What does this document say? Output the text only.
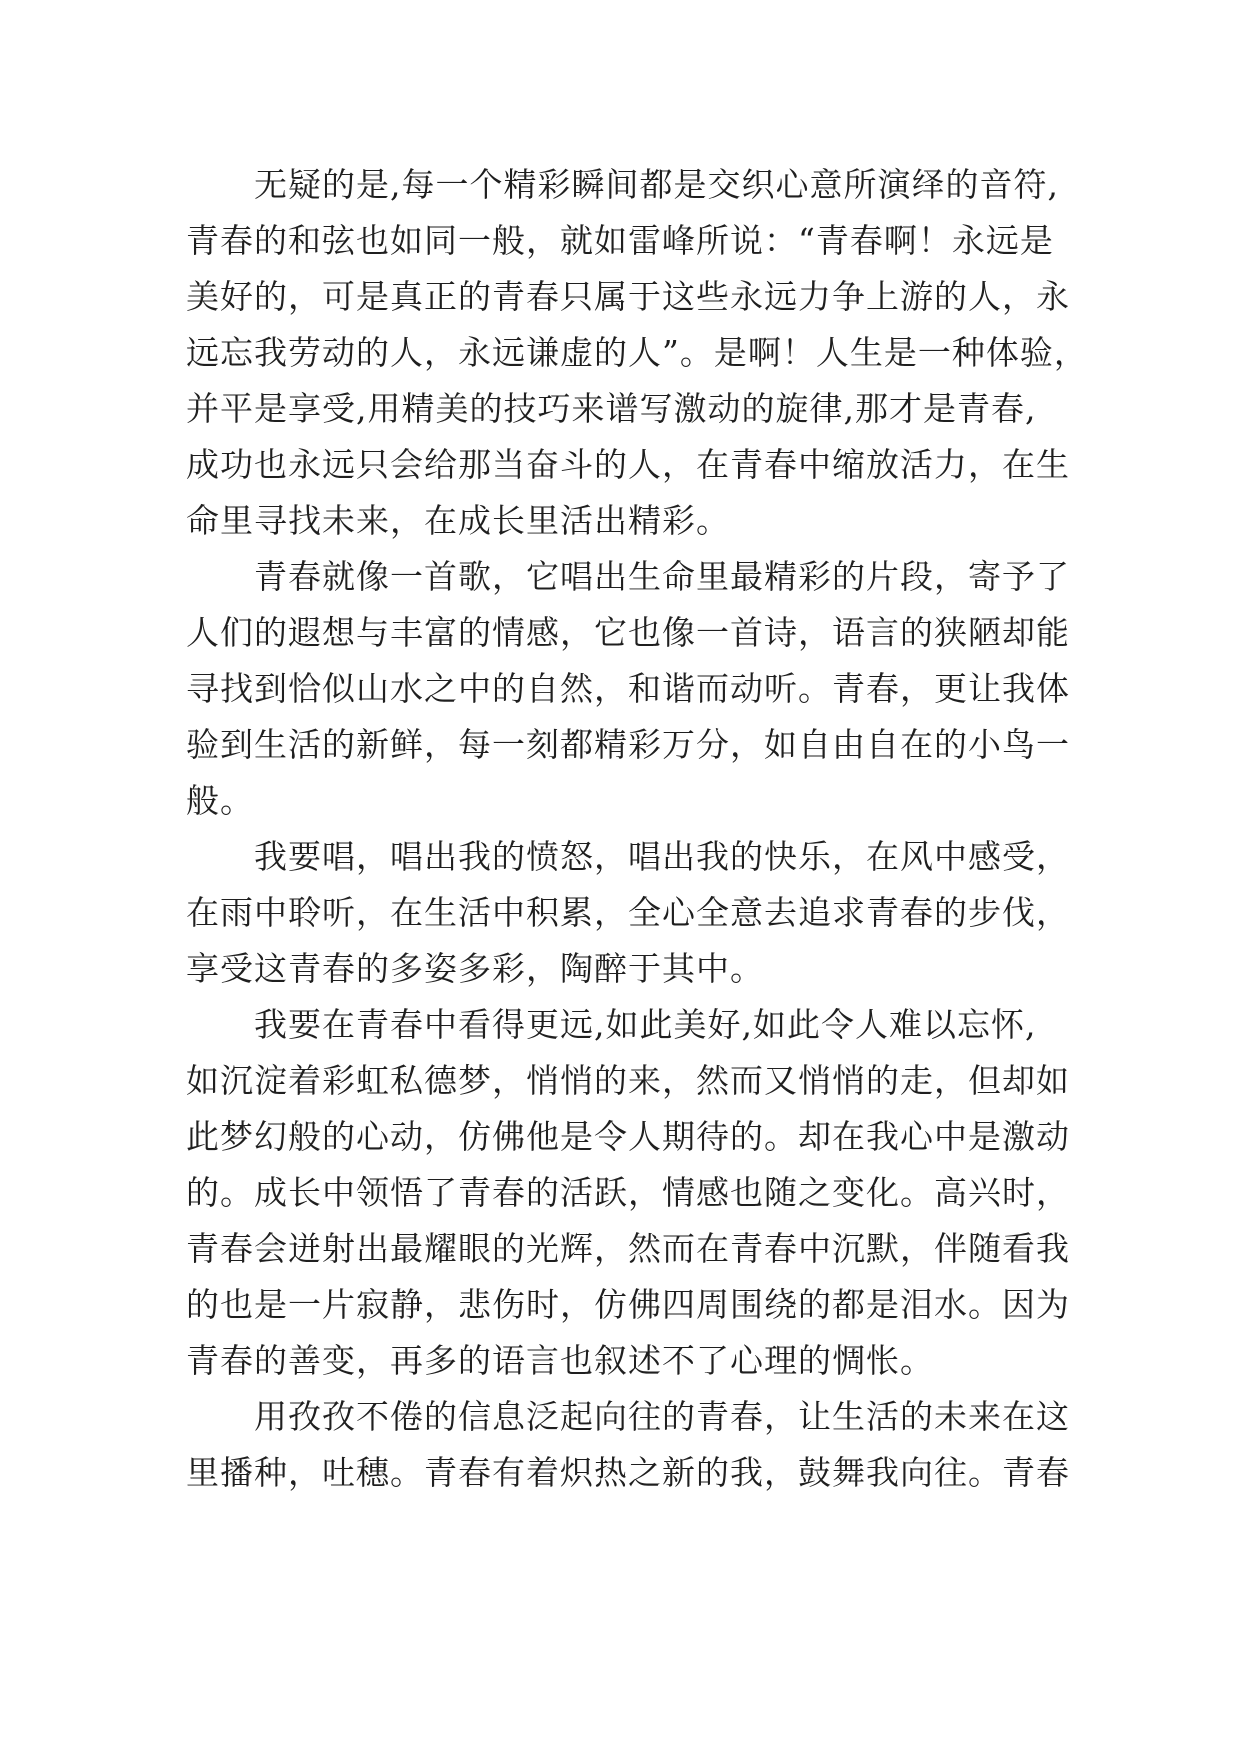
无疑的是,每一个精彩瞬间都是交织心意所演绎的音符,
青春的和弦也如同一般，就如雷峰所说：“青春啊！永远是
美好的，可是真正的青春只属于这些永远力争上游的人，永
远忘我劳动的人，永远谦虚的人”。是啊！人生是一种体验，
并平是享受,用精美的技巧来谱写激动的旋律,那才是青春,
成功也永远只会给那当奋斗的人，在青春中缩放活力，在生
命里寻找未来，在成长里活出精彩。
青春就像一首歌，它唱出生命里最精彩的片段，寄予了
人们的遐想与丰富的情感，它也像一首诗，语言的狭陋却能
寻找到恰似山水之中的自然，和谐而动听。青春，更让我体
验到生活的新鲜，每一刻都精彩万分，如自由自在的小鸟一
般。
我要唱，唱出我的愤怒，唱出我的快乐，在风中感受，
在雨中聆听，在生活中积累，全心全意去追求青春的步伐，
享受这青春的多姿多彩，陶醉于其中。
我要在青春中看得更远,如此美好,如此令人难以忘怀,
如沉淀着彩虹私德梦，悄悄的来，然而又悄悄的走，但却如
此梦幻般的心动，仿佛他是令人期待的。却在我心中是激动
的。成长中领悟了青春的活跃，情感也随之变化。高兴时，
青春会迸射出最耀眼的光辉，然而在青春中沉默，伴随看我
的也是一片寂静，悲伤时，仿佛四周围绕的都是泪水。因为
青春的善变，再多的语言也叙述不了心理的惆怅。
用孜孜不倦的信息泛起向往的青春，让生活的未来在这
里播种，吐穗。青春有着炽热之新的我，鼓舞我向往。青春
